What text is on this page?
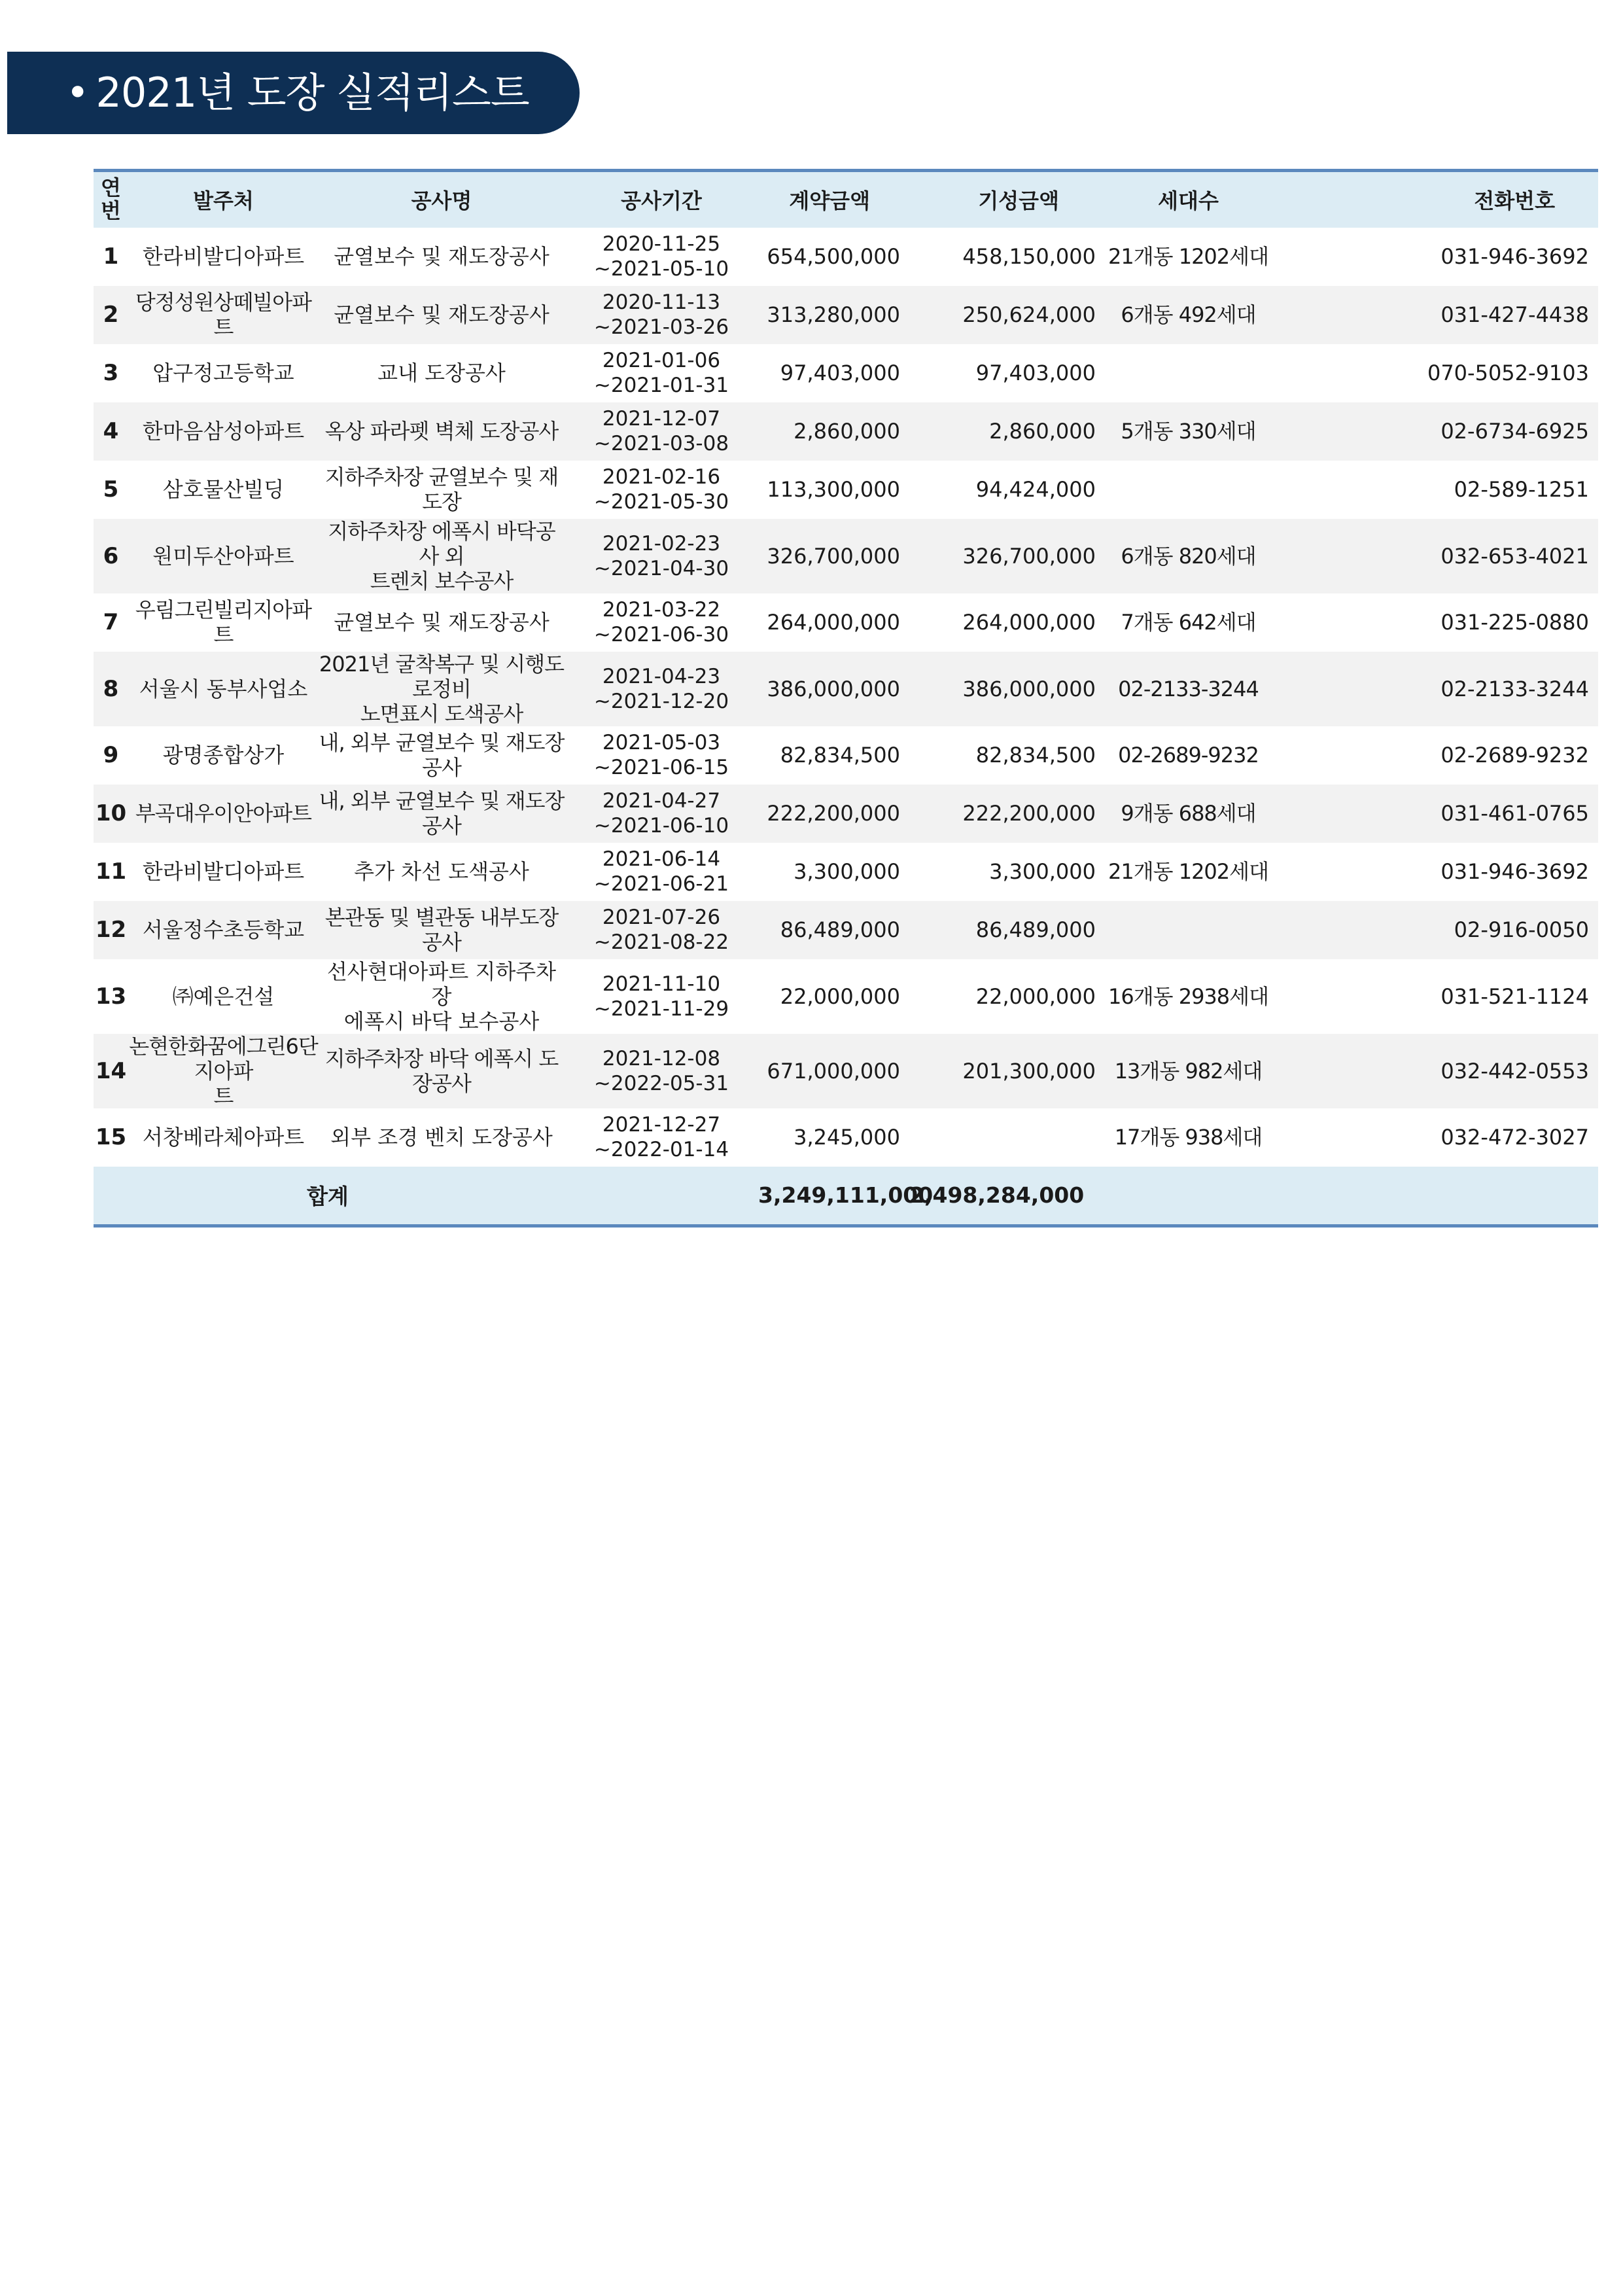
• 2021년 도장 실적리스트
연
번	발주처	공사명	공사기간	계약금액	기성금액	세대수	전화번호
1	한라비발디아파트	균열보수 및 재도장공사	2020-11-25
~2021-05-10	654,500,000	458,150,000	21개동 1202세대	031-946-3692
2	당정성원상떼빌아파트	균열보수 및 재도장공사	2020-11-13
~2021-03-26	313,280,000	250,624,000	6개동 492세대	031-427-4438
3	압구정고등학교	교내 도장공사	2021-01-06
~2021-01-31	97,403,000	97,403,000		070-5052-9103
4	한마음삼성아파트	옥상 파라펫 벽체 도장공사	2021-12-07
~2021-03-08	2,860,000	2,860,000	5개동 330세대	02-6734-6925
5	삼호물산빌딩	지하주차장 균열보수 및 재도장	2021-02-16
~2021-05-30	113,300,000	94,424,000		02-589-1251
6	원미두산아파트	지하주차장 에폭시 바닥공사 외
트렌치 보수공사	2021-02-23
~2021-04-30	326,700,000	326,700,000	6개동 820세대	032-653-4021
7	우림그린빌리지아파트	균열보수 및 재도장공사	2021-03-22
~2021-06-30	264,000,000	264,000,000	7개동 642세대	031-225-0880
8	서울시 동부사업소	2021년 굴착복구 및 시행도로정비
노면표시 도색공사	2021-04-23
~2021-12-20	386,000,000	386,000,000	02-2133-3244	02-2133-3244
9	광명종합상가	내, 외부 균열보수 및 재도장공사	2021-05-03
~2021-06-15	82,834,500	82,834,500	02-2689-9232	02-2689-9232
10	부곡대우이안아파트	내, 외부 균열보수 및 재도장공사	2021-04-27
~2021-06-10	222,200,000	222,200,000	9개동 688세대	031-461-0765
11	한라비발디아파트	추가 차선 도색공사	2021-06-14
~2021-06-21	3,300,000	3,300,000	21개동 1202세대	031-946-3692
12	서울정수초등학교	본관동 및 별관동 내부도장공사	2021-07-26
~2021-08-22	86,489,000	86,489,000		02-916-0050
13	㈜예은건설	선사현대아파트 지하주차장
에폭시 바닥 보수공사	2021-11-10
~2021-11-29	22,000,000	22,000,000	16개동 2938세대	031-521-1124
14	논현한화꿈에그린6단지아파
트	지하주차장 바닥 에폭시 도장공사	2021-12-08
~2022-05-31	671,000,000	201,300,000	13개동 982세대	032-442-0553
15	서창베라체아파트	외부 조경 벤치 도장공사	2021-12-27
~2022-01-14	3,245,000		17개동 938세대	032-472-3027
합계				3,249,111,000	2,498,284,000		
